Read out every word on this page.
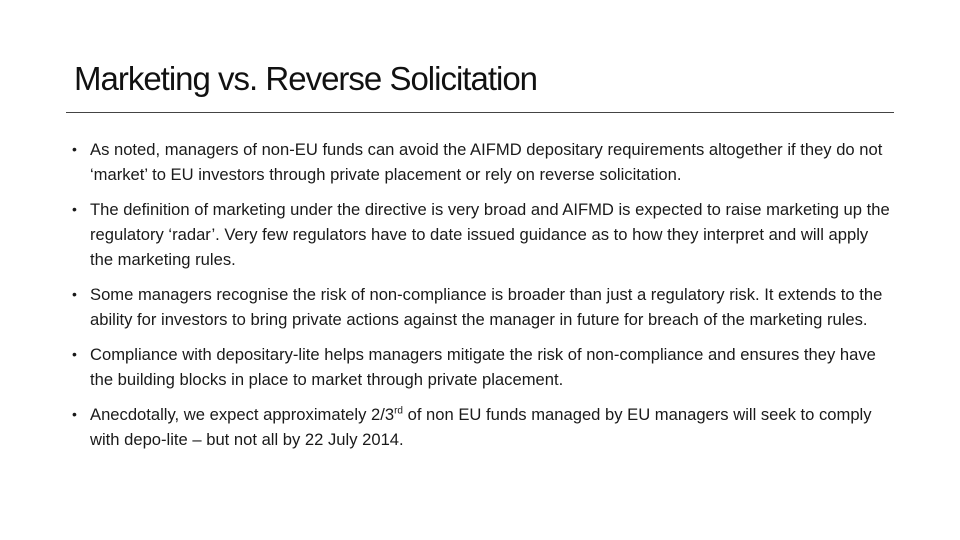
Marketing vs. Reverse Solicitation
• As noted, managers of non-EU funds can avoid the AIFMD depositary requirements altogether if they do not ‘market’ to EU investors through private placement or rely on reverse solicitation.
• The definition of marketing under the directive is very broad and AIFMD is expected to raise marketing up the regulatory ‘radar’. Very few regulators have to date issued guidance as to how they interpret and will apply the marketing rules.
• Some managers recognise the risk of non-compliance is broader than just a regulatory risk. It extends to the ability for investors to bring private actions against the manager in future for breach of the marketing rules.
• Compliance with depositary-lite helps managers mitigate the risk of non-compliance and ensures they have the building blocks in place to market through private placement.
• Anecdotally, we expect approximately 2/3rd of non EU funds managed by EU managers will seek to comply with depo-lite – but not all by 22 July 2014.
